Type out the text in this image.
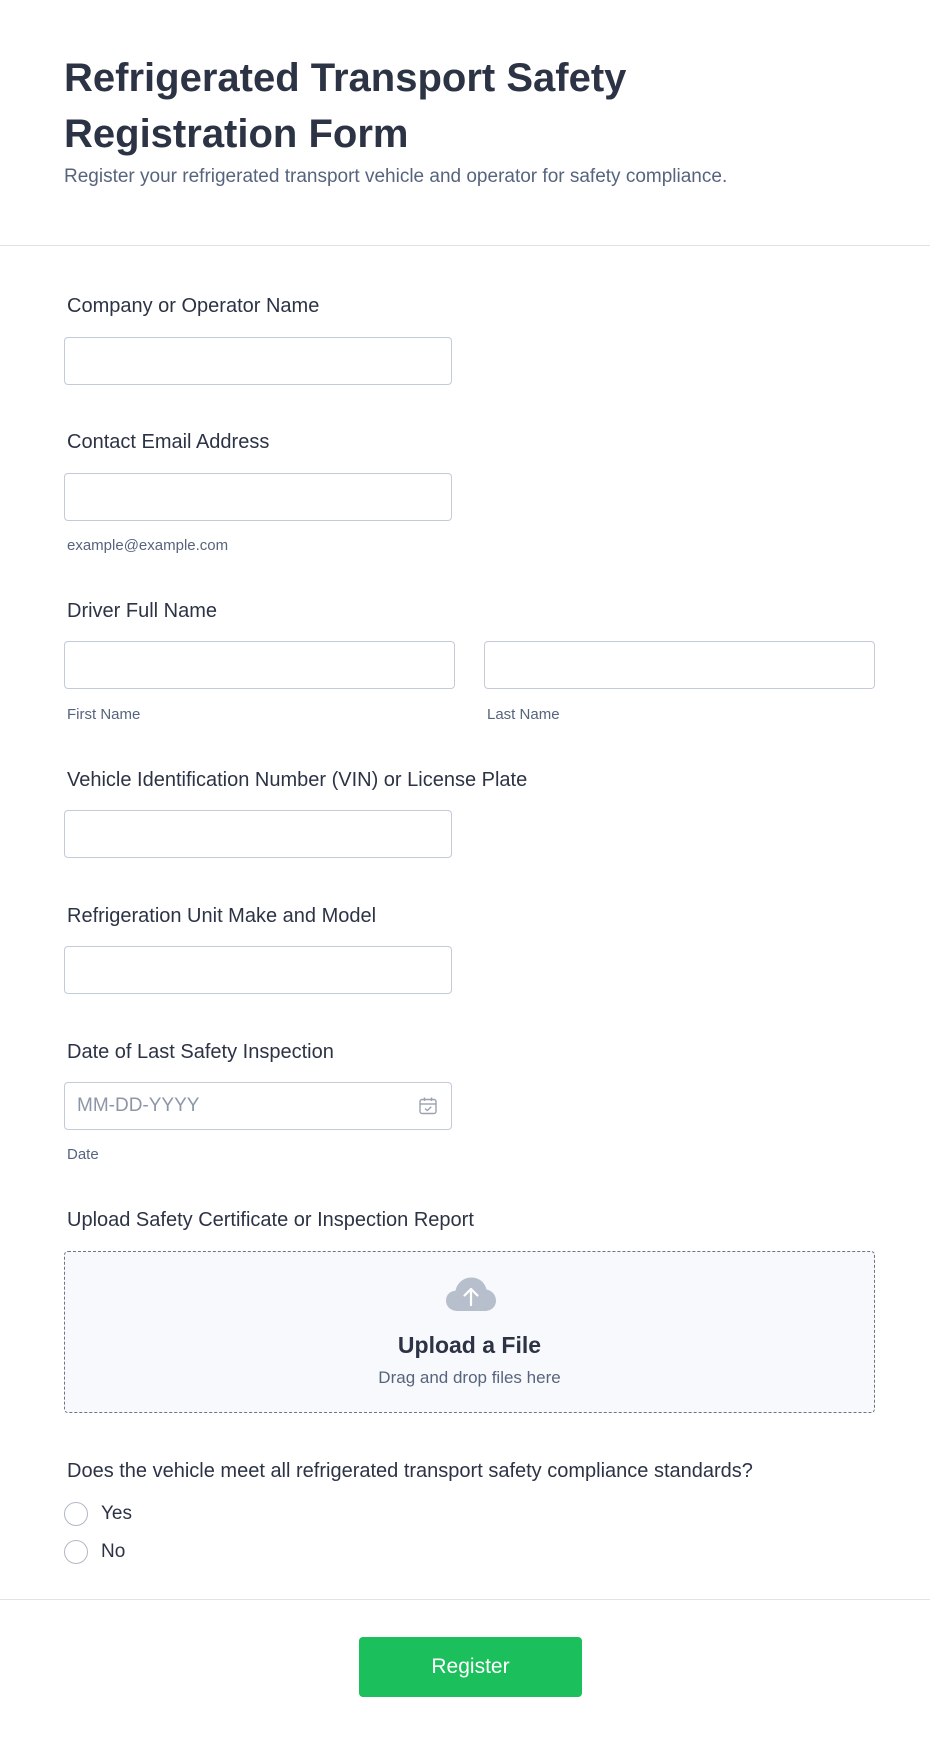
Refrigerated Transport Safety Registration Form

Register your refrigerated transport vehicle and operator for safety compliance.

Company or Operator Name
Contact Email Address
example@example.com
Driver Full Name
First Name	Last Name
Vehicle Identification Number (VIN) or License Plate
Refrigeration Unit Make and Model
Date of Last Safety Inspection
MM-DD-YYYY
Date
Upload Safety Certificate or Inspection Report
Upload a File
Drag and drop files here
Does the vehicle meet all refrigerated transport safety compliance standards?
Yes
No
Register
